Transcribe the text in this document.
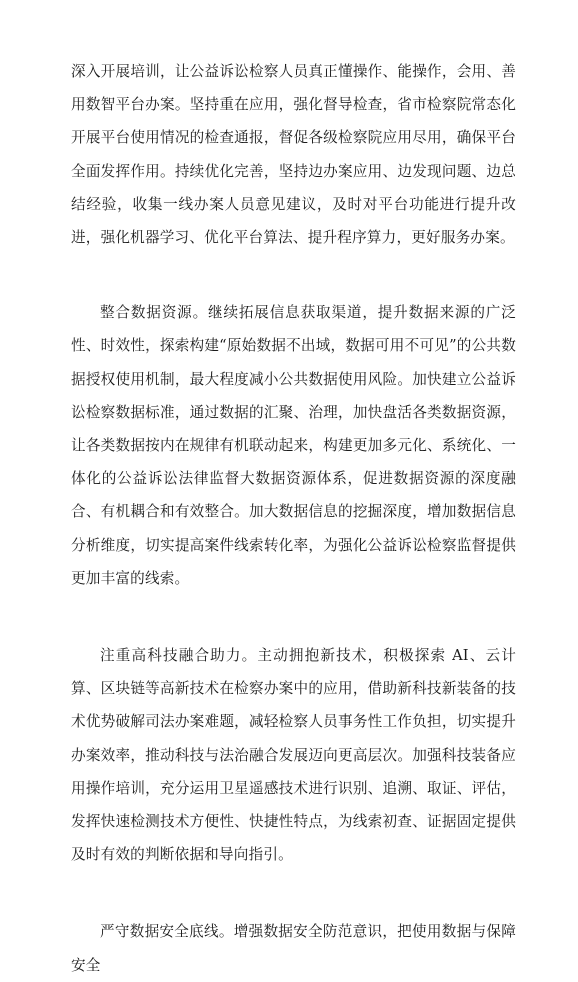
深入开展培训，让公益诉讼检察人员真正懂操作、能操作，会用、善用数智平台办案。坚持重在应用，强化督导检查，省市检察院常态化开展平台使用情况的检查通报，督促各级检察院应用尽用，确保平台全面发挥作用。持续优化完善，坚持边办案应用、边发现问题、边总结经验，收集一线办案人员意见建议，及时对平台功能进行提升改进，强化机器学习、优化平台算法、提升程序算力，更好服务办案。

整合数据资源。继续拓展信息获取渠道，提升数据来源的广泛性、时效性，探索构建“原始数据不出域，数据可用不可见”的公共数据授权使用机制，最大程度减小公共数据使用风险。加快建立公益诉讼检察数据标准，通过数据的汇聚、治理，加快盘活各类数据资源，让各类数据按内在规律有机联动起来，构建更加多元化、系统化、一体化的公益诉讼法律监督大数据资源体系，促进数据资源的深度融合、有机耦合和有效整合。加大数据信息的挖掘深度，增加数据信息分析维度，切实提高案件线索转化率，为强化公益诉讼检察监督提供更加丰富的线索。

注重高科技融合助力。主动拥抱新技术，积极探索 AI、云计算、区块链等高新技术在检察办案中的应用，借助新科技新装备的技术优势破解司法办案难题，减轻检察人员事务性工作负担，切实提升办案效率，推动科技与法治融合发展迈向更高层次。加强科技装备应用操作培训，充分运用卫星遥感技术进行识别、追溯、取证、评估，发挥快速检测技术方便性、快捷性特点，为线索初查、证据固定提供及时有效的判断依据和导向指引。

严守数据安全底线。增强数据安全防范意识，把使用数据与保障安全
